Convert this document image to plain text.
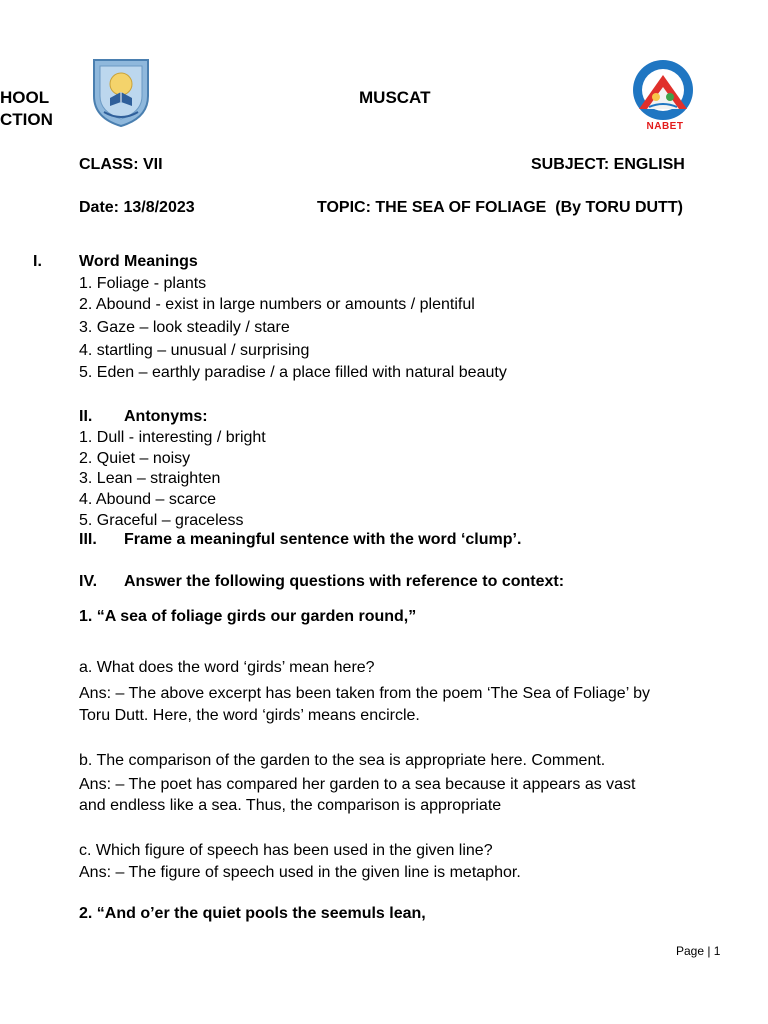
HOOL
CTION
MUSCAT
NABET
CLASS: VII	SUBJECT: ENGLISH
Date: 13/8/2023	TOPIC: THE SEA OF FOLIAGE  (By TORU DUTT)
I. Word Meanings
1. Foliage - plants
2. Abound - exist in large numbers or amounts / plentiful
3. Gaze – look steadily / stare
4. startling – unusual / surprising
5. Eden – earthly paradise / a place filled with natural beauty
II. Antonyms:
1. Dull - interesting / bright
2. Quiet – noisy
3. Lean – straighten
4. Abound – scarce
5. Graceful – graceless
III. Frame a meaningful sentence with the word ‘clump’.
IV. Answer the following questions with reference to context:
1. “A sea of foliage girds our garden round,”
a. What does the word ‘girds’ mean here?
Ans: – The above excerpt has been taken from the poem ‘The Sea of Foliage’ by
Toru Dutt. Here, the word ‘girds’ means encircle.
b. The comparison of the garden to the sea is appropriate here. Comment.
Ans: – The poet has compared her garden to a sea because it appears as vast
and endless like a sea. Thus, the comparison is appropriate
c. Which figure of speech has been used in the given line?
Ans: – The figure of speech used in the given line is metaphor.
2. “And o’er the quiet pools the seemuls lean,
Page | 1
